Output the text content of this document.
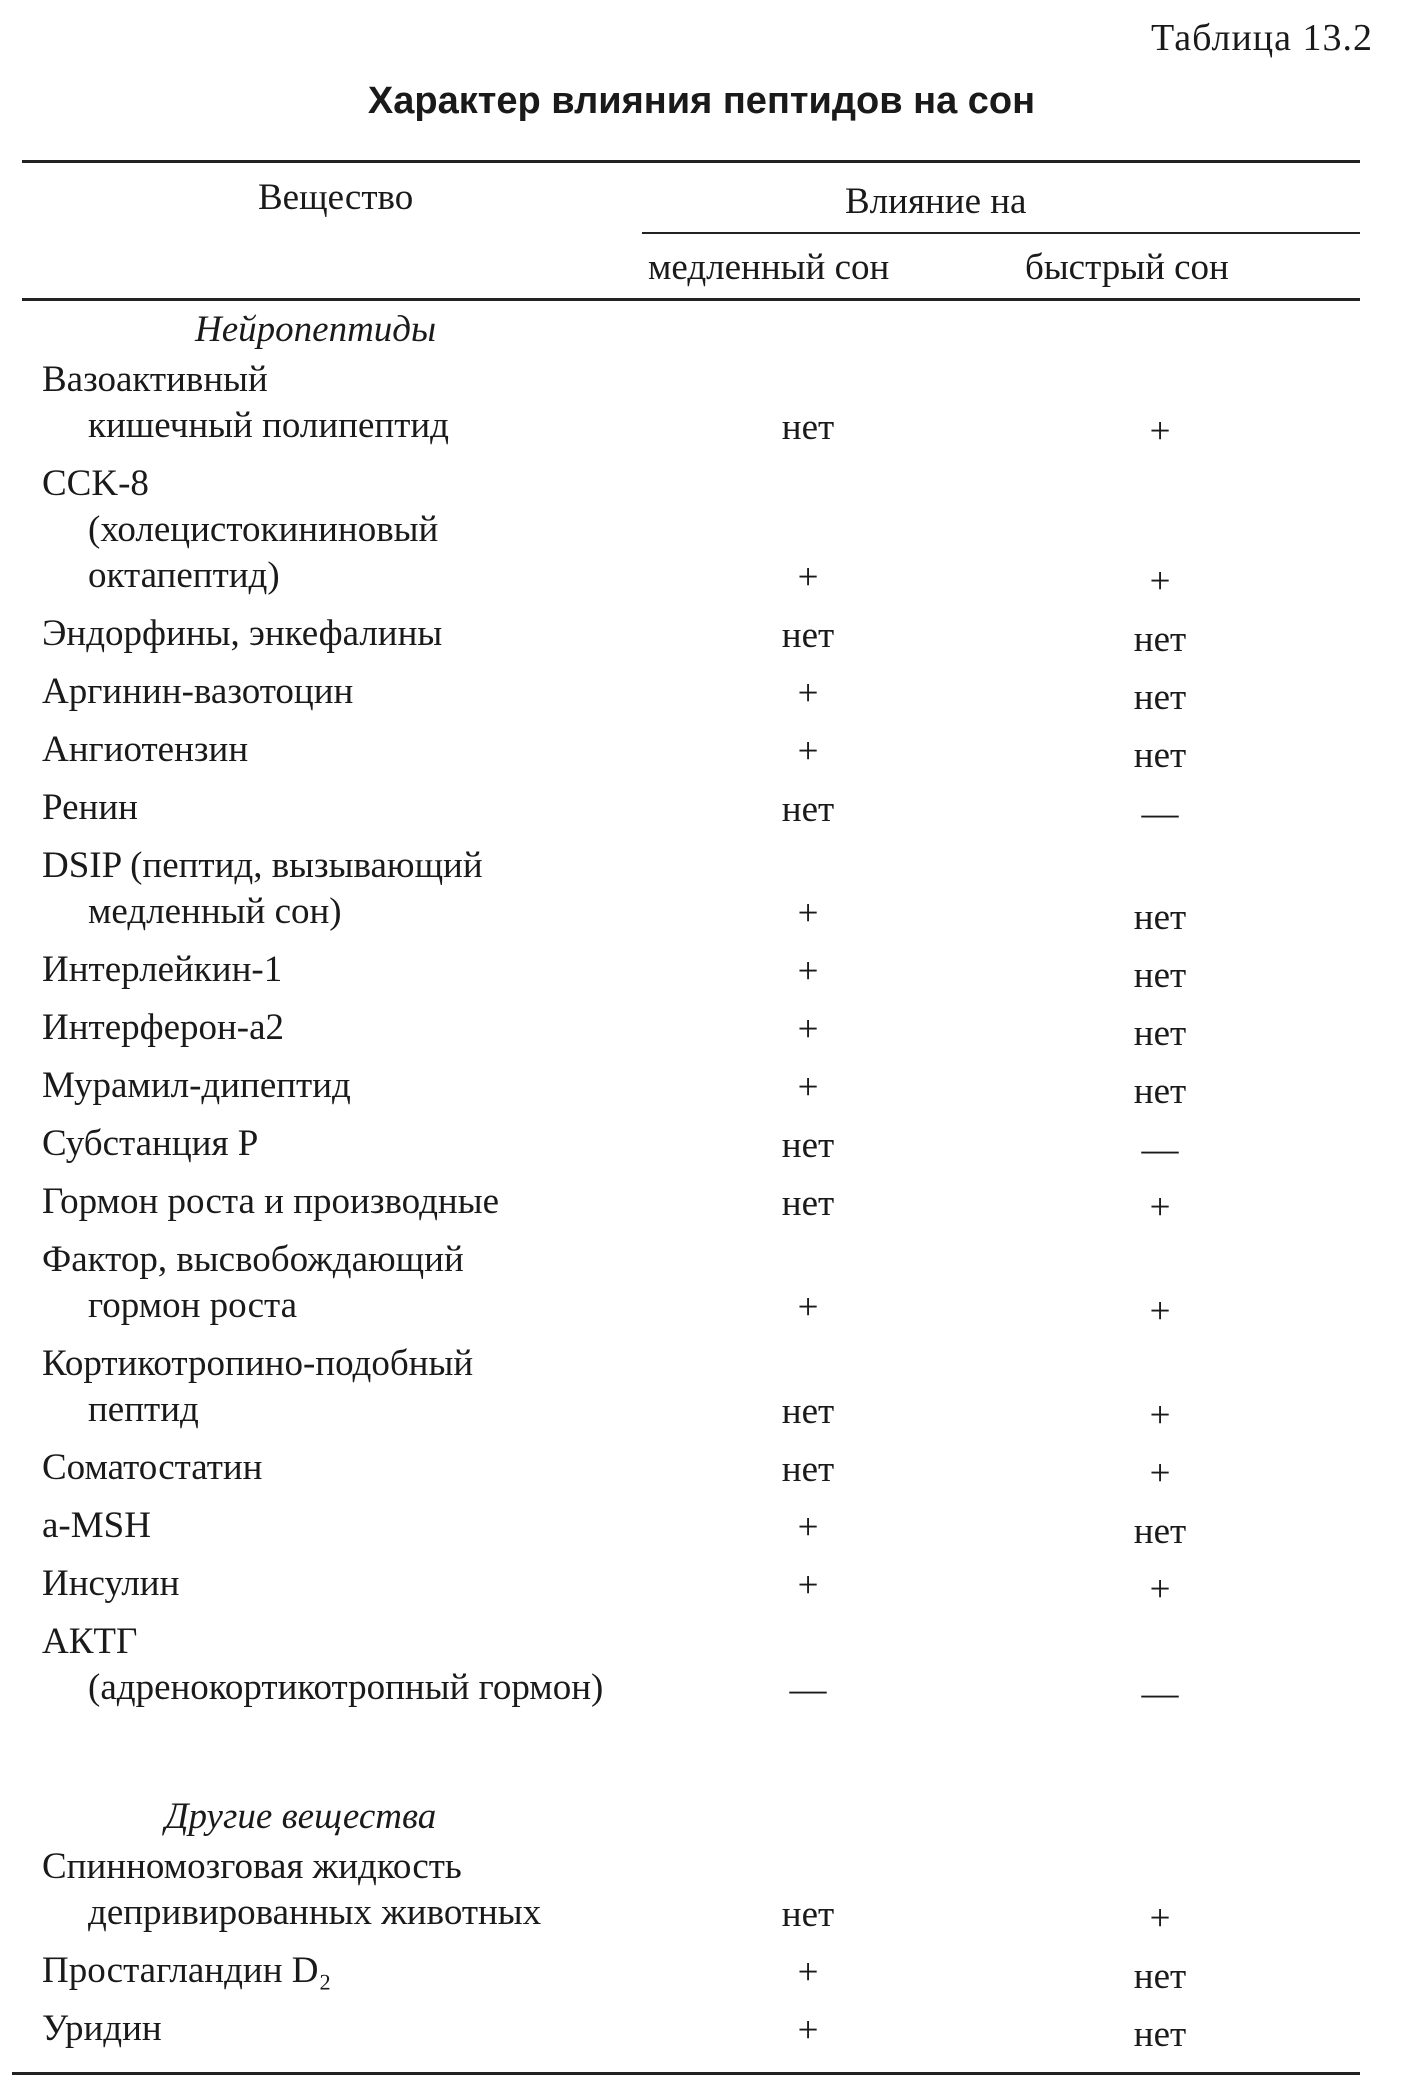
Таблица 13.2
Характер влияния пептидов на сон
Вещество	Влияние на
медленный сон	быстрый сон
Нейропептиды
Вазоактивный
кишечный полипептид	нет	+
CCK-8
(холецистокининовый
октапептид)	+	+
Эндорфины, энкефалины	нет	нет
Аргинин-вазотоцин	+	нет
Ангиотензин	+	нет
Ренин	нет	—
DSIP (пептид, вызывающий
медленный сон)	+	нет
Интерлейкин-1	+	нет
Интерферон-а2	+	нет
Мурамил-дипептид	+	нет
Субстанция P	нет	—
Гормон роста и производные	нет	+
Фактор, высвобождающий
гормон роста	+	+
Кортикотропино-подобный
пептид	нет	+
Соматостатин	нет	+
a-MSH	+	нет
Инсулин	+	+
АКТГ
(адренокортикотропный гормон)	—	—
Другие вещества
Спинномозговая жидкость
депривированных животных	нет	+
Простагландин D₂	+	нет
Уридин	+	нет
